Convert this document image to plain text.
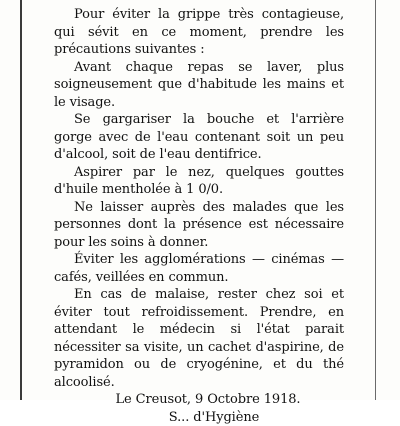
Pour éviter la grippe très contagieuse, qui sévit en ce moment, prendre les précautions suivantes :

Avant chaque repas se laver, plus soigneusement que d'habitude les mains et le visage.

Se gargariser la bouche et l'arrière gorge avec de l'eau contenant soit un peu d'alcool, soit de l'eau dentifrice.

Aspirer par le nez, quelques gouttes d'huile mentholée à 1 0/0.

Ne laisser auprès des malades que les personnes dont la présence est nécessaire pour les soins à donner.

Éviter les agglomérations — cinémas — cafés, veillées en commun.

En cas de malaise, rester chez soi et éviter tout refroidissement. Prendre, en attendant le médecin si l'état parait nécessiter sa visite, un cachet d'aspirine, de pyramidon ou de cryogénine, et du thé alcoolisé.

Le Creusot, 9 Octobre 1918.

S... d'Hygiène
